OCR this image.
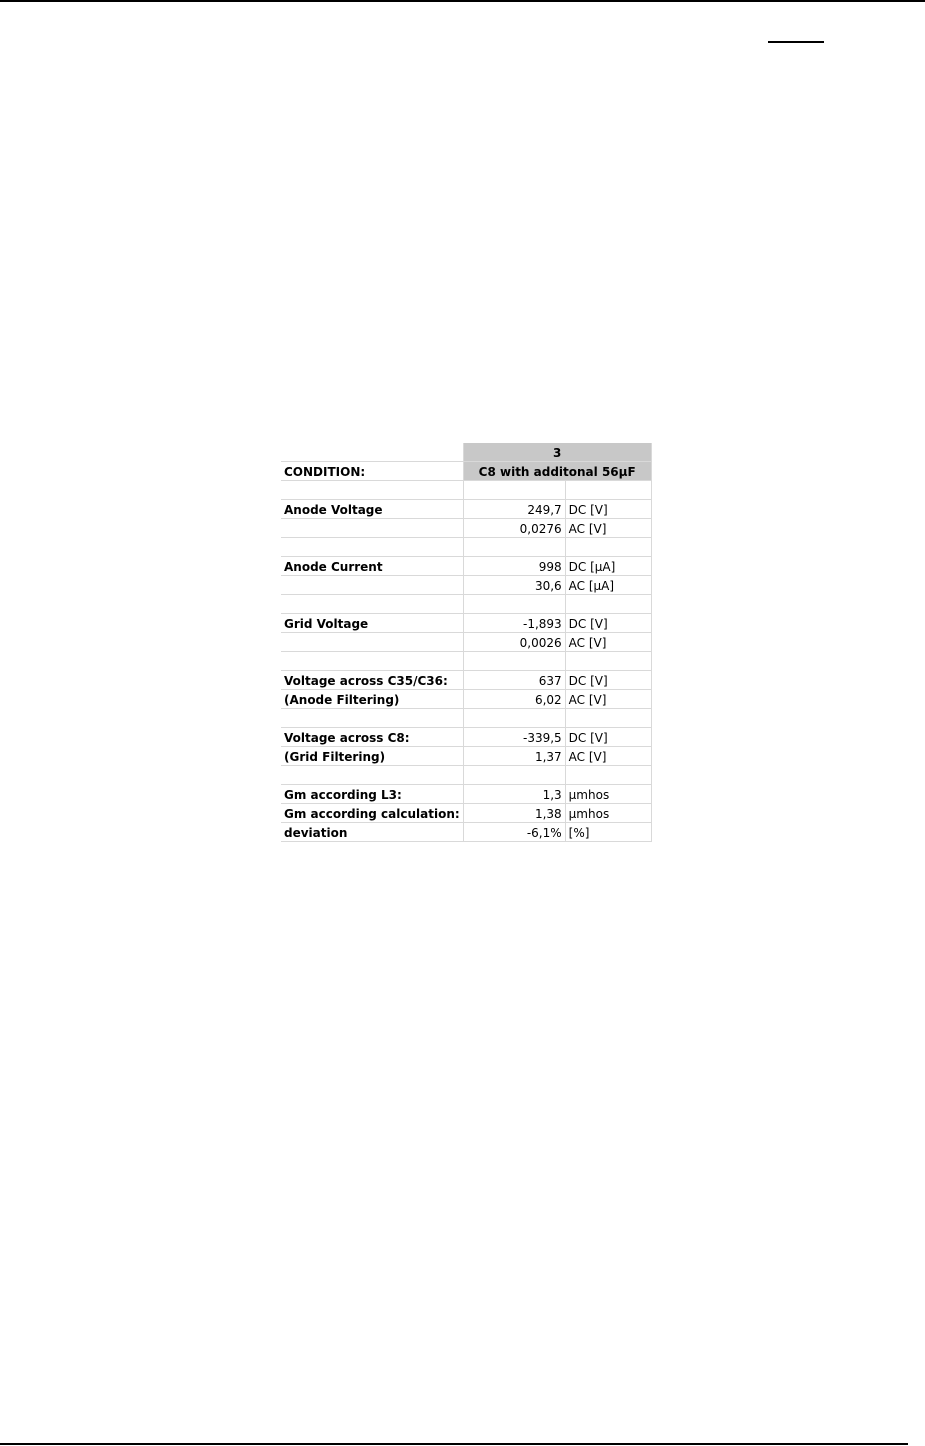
	3	
CONDITION:	C8 with additonal 56µF	

Anode Voltage	249,7	DC [V]
	0,0276	AC [V]

Anode Current	998	DC [µA]
	30,6	AC [µA]

Grid Voltage	-1,893	DC [V]
	0,0026	AC [V]

Voltage across C35/C36:	637	DC [V]
(Anode Filtering)	6,02	AC [V]

Voltage across C8:	-339,5	DC [V]
(Grid Filtering)	1,37	AC [V]

Gm according L3:	1,3	µmhos
Gm according calculation:	1,38	µmhos
deviation	-6,1%	[%]
